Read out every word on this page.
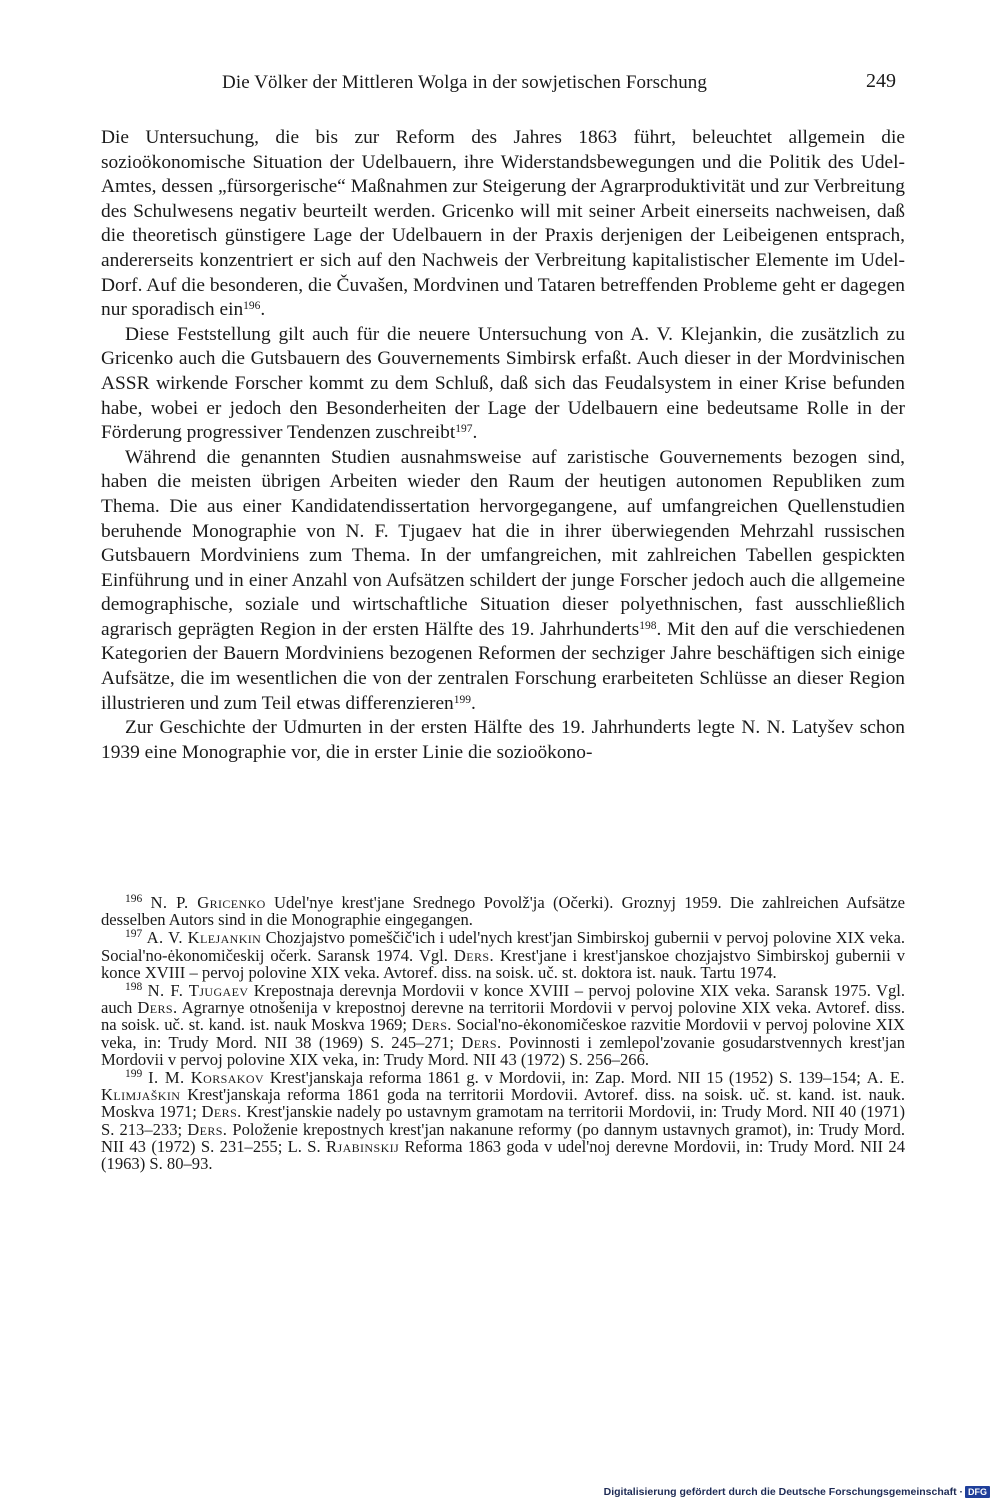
Die Völker der Mittleren Wolga in der sowjetischen Forschung	249

Die Untersuchung, die bis zur Reform des Jahres 1863 führt, beleuchtet allgemein die sozioökonomische Situation der Udelbauern, ihre Widerstandsbewegungen und die Politik des Udel-Amtes, dessen „fürsorgerische“ Maßnahmen zur Steigerung der Agrarproduktivität und zur Verbreitung des Schulwesens negativ beurteilt werden. Gricenko will mit seiner Arbeit einerseits nachweisen, daß die theoretisch günstigere Lage der Udelbauern in der Praxis derjenigen der Leibeigenen entsprach, andererseits konzentriert er sich auf den Nachweis der Verbreitung kapitalistischer Elemente im Udel-Dorf. Auf die besonderen, die Čuvašen, Mordvinen und Tataren betreffenden Probleme geht er dagegen nur sporadisch ein$^{196}$.

Diese Feststellung gilt auch für die neuere Untersuchung von A. V. Klejankin, die zusätzlich zu Gricenko auch die Gutsbauern des Gouvernements Simbirsk erfaßt. Auch dieser in der Mordvinischen ASSR wirkende Forscher kommt zu dem Schluß, daß sich das Feudalsystem in einer Krise befunden habe, wobei er jedoch den Besonderheiten der Lage der Udelbauern eine bedeutsame Rolle in der Förderung progressiver Tendenzen zuschreibt$^{197}$.

Während die genannten Studien ausnahmsweise auf zaristische Gouvernements bezogen sind, haben die meisten übrigen Arbeiten wieder den Raum der heutigen autonomen Republiken zum Thema. Die aus einer Kandidatendissertation hervorgegangene, auf umfangreichen Quellenstudien beruhende Monographie von N. F. Tjugaev hat die in ihrer überwiegenden Mehrzahl russischen Gutsbauern Mordviniens zum Thema. In der umfangreichen, mit zahlreichen Tabellen gespickten Einführung und in einer Anzahl von Aufsätzen schildert der junge Forscher jedoch auch die allgemeine demographische, soziale und wirtschaftliche Situation dieser polyethnischen, fast ausschließlich agrarisch geprägten Region in der ersten Hälfte des 19. Jahrhunderts$^{198}$. Mit den auf die verschiedenen Kategorien der Bauern Mordviniens bezogenen Reformen der sechziger Jahre beschäftigen sich einige Aufsätze, die im wesentlichen die von der zentralen Forschung erarbeiteten Schlüsse an dieser Region illustrieren und zum Teil etwas differenzieren$^{199}$.

Zur Geschichte der Udmurten in der ersten Hälfte des 19. Jahrhunderts legte N. N. Latyšev schon 1939 eine Monographie vor, die in erster Linie die sozioökono-

$^{196}$ N. P. Gricenko Udel'nye krest'jane Srednego Povolž'ja (Očerki). Groznyj 1959. Die zahlreichen Aufsätze desselben Autors sind in die Monographie eingegangen.

$^{197}$ A. V. Klejankin Chozjajstvo pomeščič'ich i udel'nych krest'jan Simbirskoj gubernii v pervoj polovine XIX veka. Social'no-ėkonomičeskij očerk. Saransk 1974. Vgl. Ders. Krest'jane i krest'janskoe chozjajstvo Simbirskoj gubernii v konce XVIII – pervoj polovine XIX veka. Avtoref. diss. na soisk. uč. st. doktora ist. nauk. Tartu 1974.

$^{198}$ N. F. Tjugaev Krepostnaja derevnja Mordovii v konce XVIII – pervoj polovine XIX veka. Saransk 1975. Vgl. auch Ders. Agrarnye otnošenija v krepostnoj derevne na territorii Mordovii v pervoj polovine XIX veka. Avtoref. diss. na soisk. uč. st. kand. ist. nauk Moskva 1969; Ders. Social'no-ėkonomičeskoe razvitie Mordovii v pervoj polovine XIX veka, in: Trudy Mord. NII 38 (1969) S. 245–271; Ders. Povinnosti i zemlepol'zovanie gosudarstvennych krest'jan Mordovii v pervoj polovine XIX veka, in: Trudy Mord. NII 43 (1972) S. 256–266.

$^{199}$ I. M. Korsakov Krest'janskaja reforma 1861 g. v Mordovii, in: Zap. Mord. NII 15 (1952) S. 139–154; A. E. Klimjaškin Krest'janskaja reforma 1861 goda na territorii Mordovii. Avtoref. diss. na soisk. uč. st. kand. ist. nauk. Moskva 1971; Ders. Krest'janskie nadely po ustavnym gramotam na territorii Mordovii, in: Trudy Mord. NII 40 (1971) S. 213–233; Ders. Položenie krepostnych krest'jan nakanune reformy (po dannym ustavnych gramot), in: Trudy Mord. NII 43 (1972) S. 231–255; L. S. Rjabinskij Reforma 1863 goda v udel'noj derevne Mordovii, in: Trudy Mord. NII 24 (1963) S. 80–93.

Digitalisierung gefördert durch die Deutsche Forschungsgemeinschaft · DFG
